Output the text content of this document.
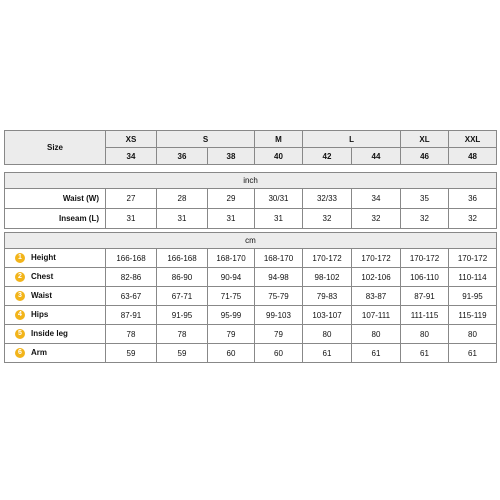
Size	XS	S		M	L		XL	XXL
	34	36	38	40	42	44	46	48
inch								
Waist (W)	27	28	29	30/31	32/33	34	35	36
Inseam (L)	31	31	31	31	32	32	32	32
cm								
1 Height	166-168	166-168	168-170	168-170	170-172	170-172	170-172	170-172
2 Chest	82-86	86-90	90-94	94-98	98-102	102-106	106-110	110-114
3 Waist	63-67	67-71	71-75	75-79	79-83	83-87	87-91	91-95
4 Hips	87-91	91-95	95-99	99-103	103-107	107-111	111-115	115-119
5 Inside leg	78	78	79	79	80	80	80	80
6 Arm	59	59	60	60	61	61	61	61
